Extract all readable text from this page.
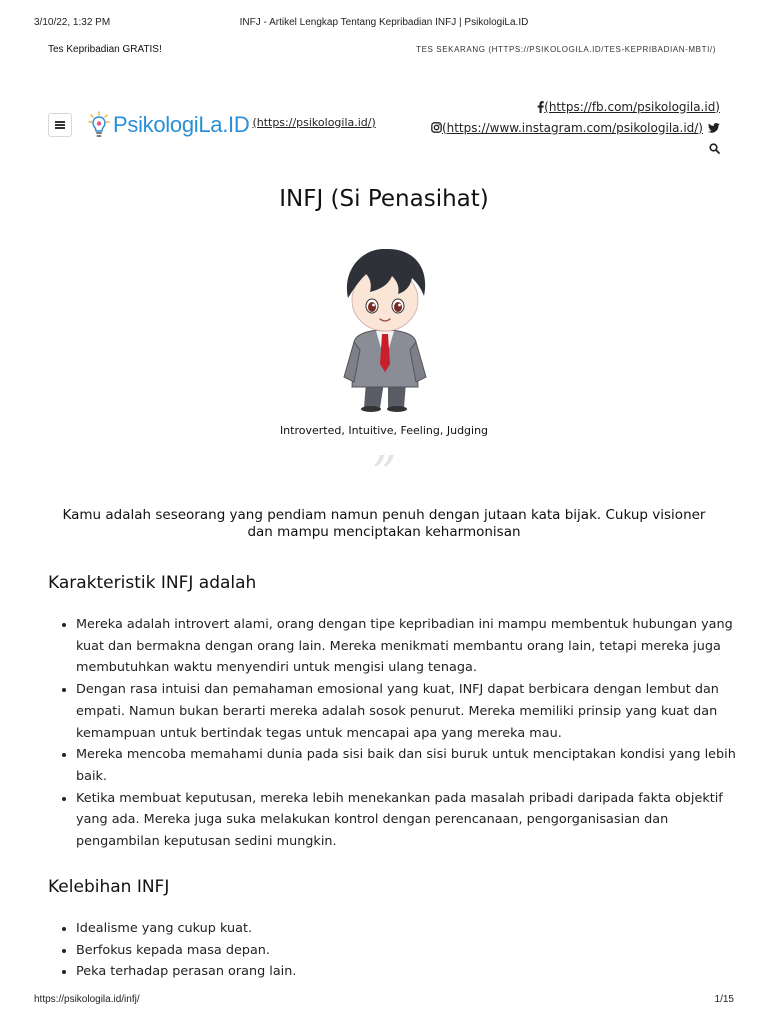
3/10/22, 1:32 PM	INFJ - Artikel Lengkap Tentang Kepribadian INFJ | PsikologiLa.ID
Tes Kepribadian GRATIS!	TES SEKARANG (HTTPS://PSIKOLOGILA.ID/TES-KEPRIBADIAN-MBTI/)
PsikologiLa.ID (https://psikologila.id/)
(https://fb.com/psikologila.id)
(https://www.instagram.com/psikologila.id/)
INFJ (Si Penasihat)
Introverted, Intuitive, Feeling, Judging
”
Kamu adalah seseorang yang pendiam namun penuh dengan jutaan kata bijak. Cukup visioner dan mampu menciptakan keharmonisan
Karakteristik INFJ adalah
• Mereka adalah introvert alami, orang dengan tipe kepribadian ini mampu membentuk hubungan yang kuat dan bermakna dengan orang lain. Mereka menikmati membantu orang lain, tetapi mereka juga membutuhkan waktu menyendiri untuk mengisi ulang tenaga.
• Dengan rasa intuisi dan pemahaman emosional yang kuat, INFJ dapat berbicara dengan lembut dan empati. Namun bukan berarti mereka adalah sosok penurut. Mereka memiliki prinsip yang kuat dan kemampuan untuk bertindak tegas untuk mencapai apa yang mereka mau.
• Mereka mencoba memahami dunia pada sisi baik dan sisi buruk untuk menciptakan kondisi yang lebih baik.
• Ketika membuat keputusan, mereka lebih menekankan pada masalah pribadi daripada fakta objektif yang ada. Mereka juga suka melakukan kontrol dengan perencanaan, pengorganisasian dan pengambilan keputusan sedini mungkin.
Kelebihan INFJ
• Idealisme yang cukup kuat.
• Berfokus kepada masa depan.
• Peka terhadap perasan orang lain.
https://psikologila.id/infj/	1/15
